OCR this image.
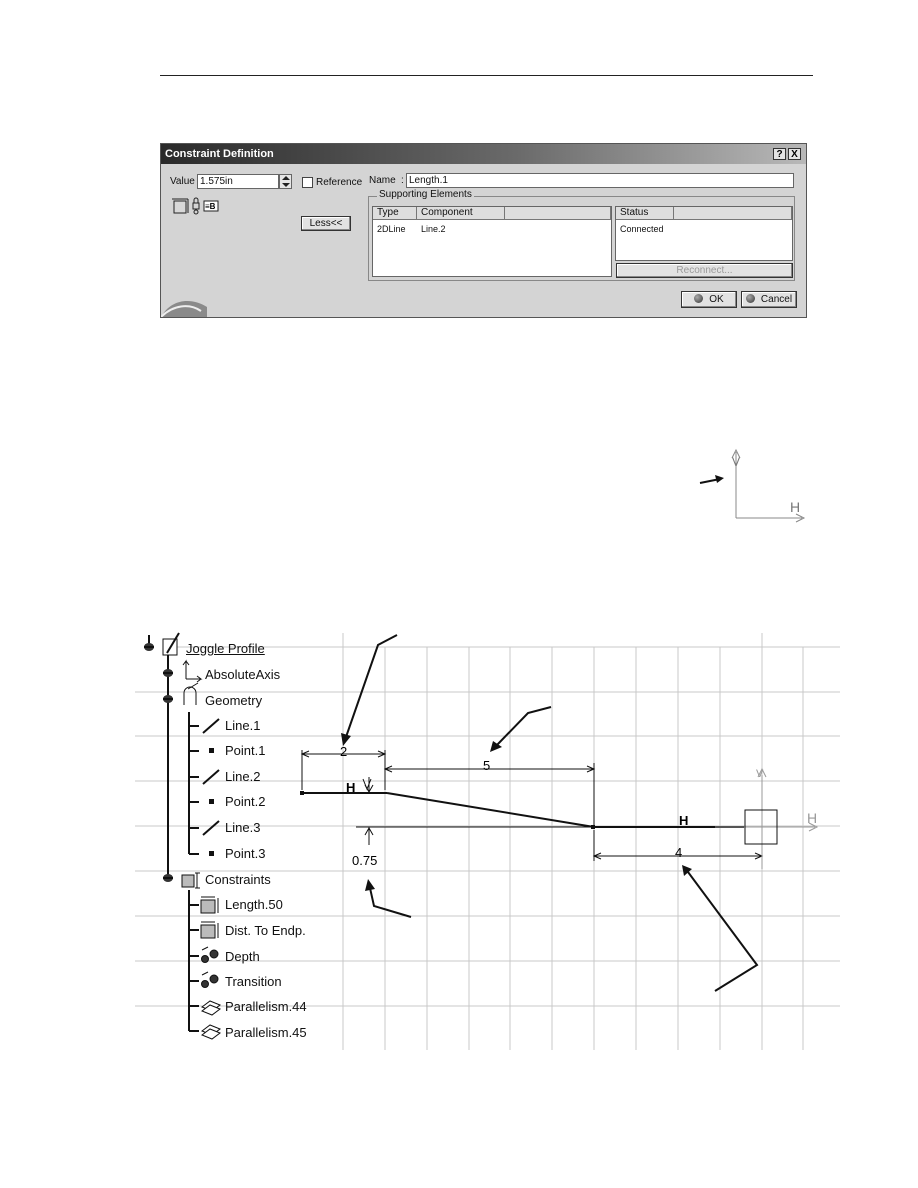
Constraint Definition	? X
Value 1.575in	Reference
≡B
Less<<
Name : Length.1
Supporting Elements
Type	Component
2DLine Line.2
Status
Connected
Reconnect...
OK	Cancel
V
H
H
H
V
H
2
5
0.75
4
Joggle Profile
AbsoluteAxis
Geometry
Line.1
Point.1
Line.2
Point.2
Line.3
Point.3
Constraints
Length.50
Dist. To Endp.
Depth
Transition
Parallelism.44
Parallelism.45
